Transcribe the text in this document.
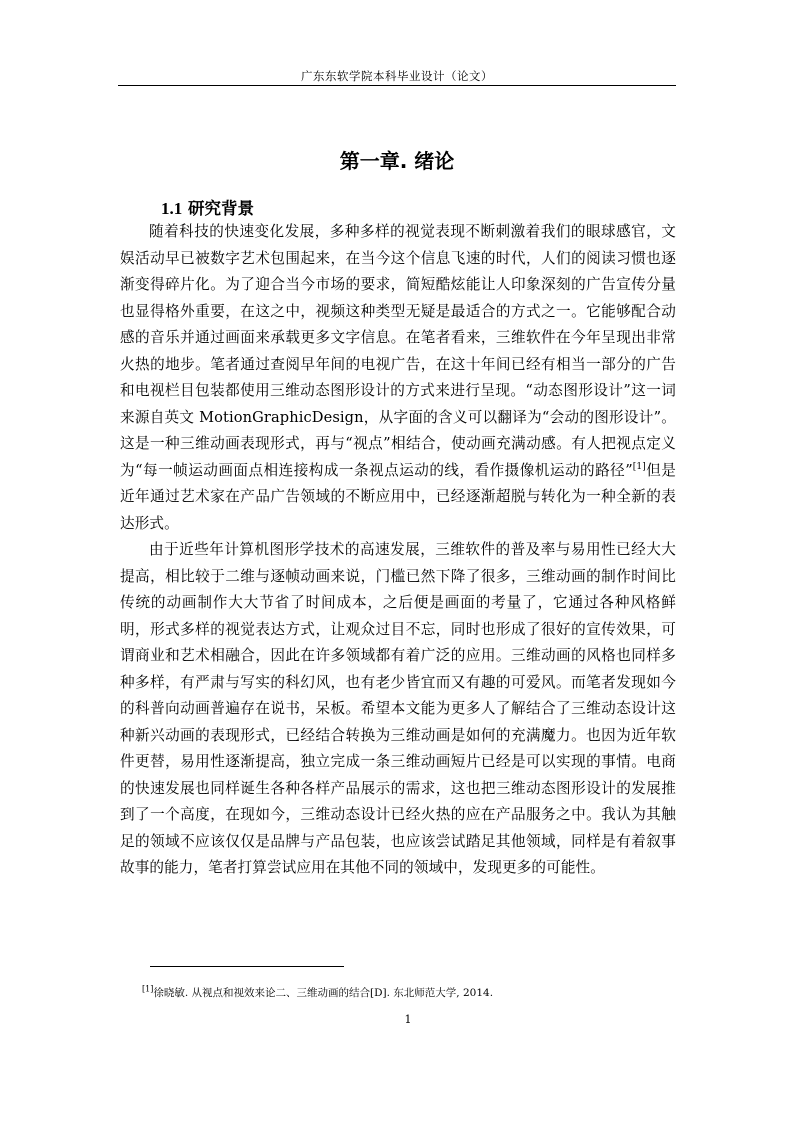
广东东软学院本科毕业设计（论文）
第一章. 绪论
1.1 研究背景

随着科技的快速变化发展，多种多样的视觉表现不断刺激着我们的眼球感官，文娱活动早已被数字艺术包围起来，在当今这个信息飞速的时代，人们的阅读习惯也逐渐变得碎片化。为了迎合当今市场的要求，简短酷炫能让人印象深刻的广告宣传分量也显得格外重要，在这之中，视频这种类型无疑是最适合的方式之一。它能够配合动感的音乐并通过画面来承载更多文字信息。在笔者看来，三维软件在今年呈现出非常火热的地步。笔者通过查阅早年间的电视广告，在这十年间已经有相当一部分的广告和电视栏目包装都使用三维动态图形设计的方式来进行呈现。“动态图形设计”这一词来源自英文 MotionGraphicDesign，从字面的含义可以翻译为“会动的图形设计”。这是一种三维动画表现形式，再与“视点”相结合，使动画充满动感。有人把视点定义为“每一帧运动画面点相连接构成一条视点运动的线，看作摄像机运动的路径”[1]但是近年通过艺术家在产品广告领域的不断应用中，已经逐渐超脱与转化为一种全新的表达形式。

由于近些年计算机图形学技术的高速发展，三维软件的普及率与易用性已经大大提高，相比较于二维与逐帧动画来说，门槛已然下降了很多，三维动画的制作时间比传统的动画制作大大节省了时间成本，之后便是画面的考量了，它通过各种风格鲜明，形式多样的视觉表达方式，让观众过目不忘，同时也形成了很好的宣传效果，可谓商业和艺术相融合，因此在许多领域都有着广泛的应用。三维动画的风格也同样多种多样，有严肃与写实的科幻风，也有老少皆宜而又有趣的可爱风。而笔者发现如今的科普向动画普遍存在说书，呆板。希望本文能为更多人了解结合了三维动态设计这种新兴动画的表现形式，已经结合转换为三维动画是如何的充满魔力。也因为近年软件更替，易用性逐渐提高，独立完成一条三维动画短片已经是可以实现的事情。电商的快速发展也同样诞生各种各样产品展示的需求，这也把三维动态图形设计的发展推到了一个高度，在现如今，三维动态设计已经火热的应在产品服务之中。我认为其触足的领域不应该仅仅是品牌与产品包装，也应该尝试踏足其他领域，同样是有着叙事故事的能力，笔者打算尝试应用在其他不同的领域中，发现更多的可能性。

[1]徐晓敏. 从视点和视效来论二、三维动画的结合[D]. 东北师范大学, 2014.
1
